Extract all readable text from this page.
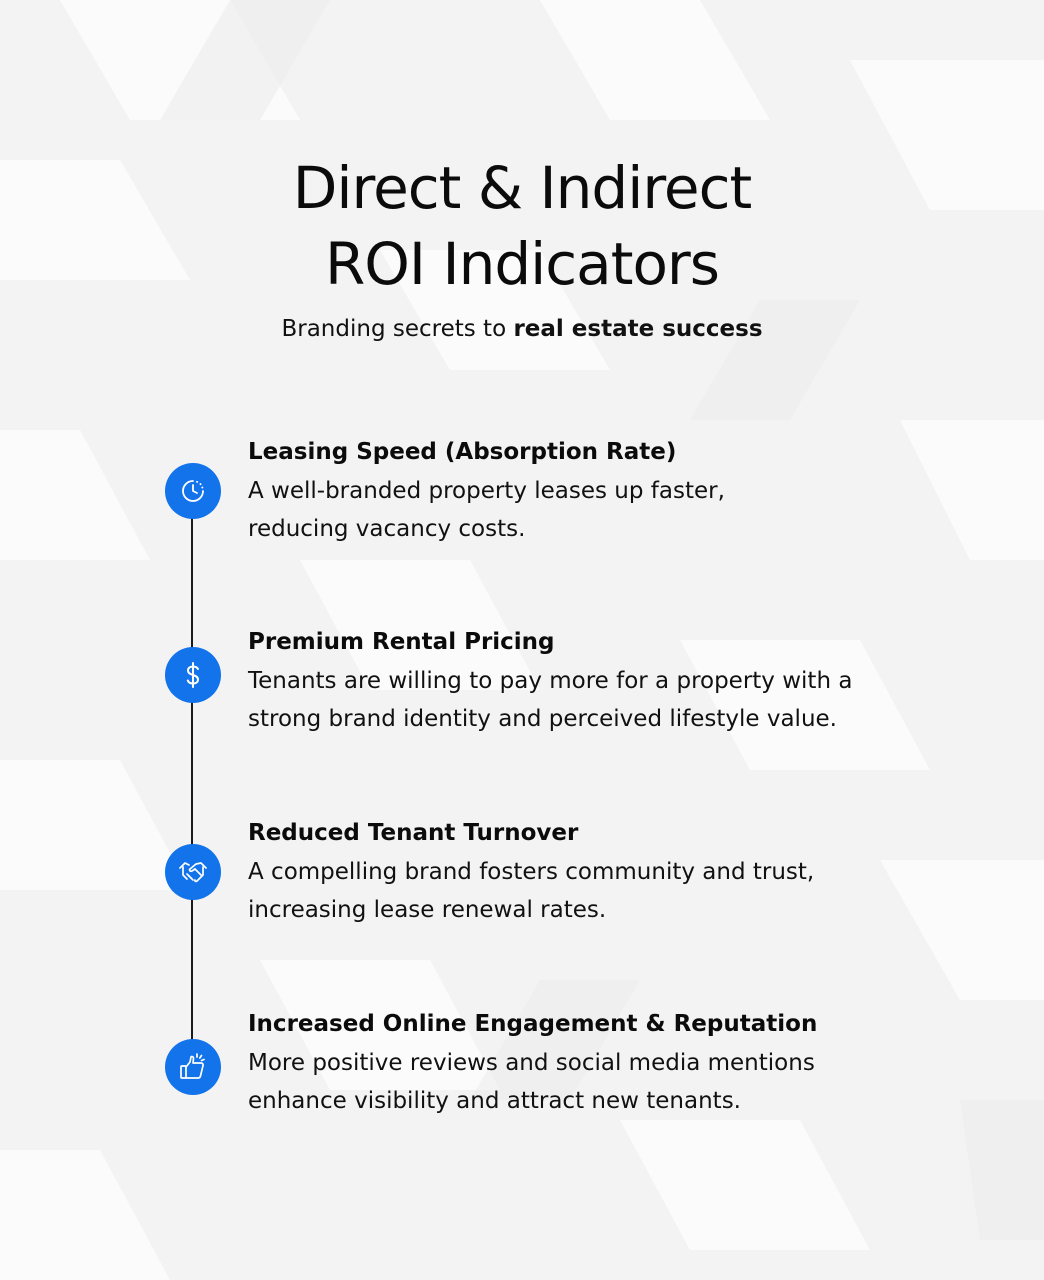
Direct & Indirect
ROI Indicators
Branding secrets to real estate success
Leasing Speed (Absorption Rate)
A well-branded property leases up faster,
reducing vacancy costs.
Premium Rental Pricing
Tenants are willing to pay more for a property with a
strong brand identity and perceived lifestyle value.
Reduced Tenant Turnover
A compelling brand fosters community and trust,
increasing lease renewal rates.
Increased Online Engagement & Reputation
More positive reviews and social media mentions
enhance visibility and attract new tenants.
